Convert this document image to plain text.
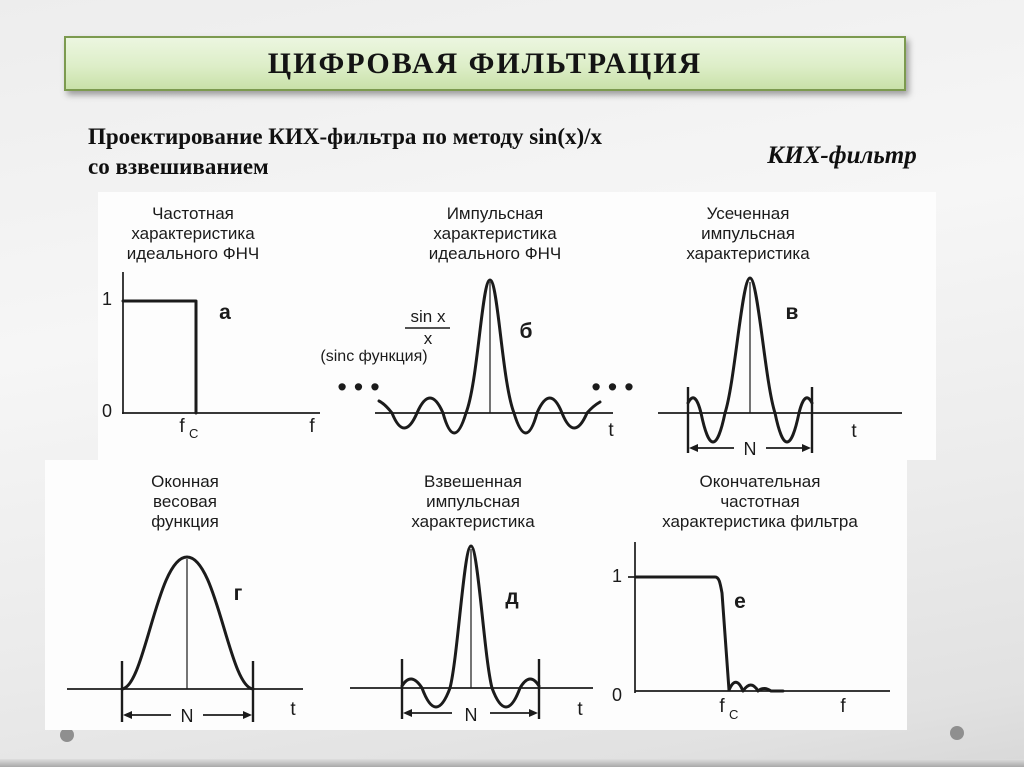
ЦИФРОВАЯ ФИЛЬТРАЦИЯ
Проектирование КИХ-фильтра по методу sin(x)/x
со взвешиванием	КИХ-фильтр
Частотная
характеристика
идеального ФНЧ
1
0
а
f C	f
Импульсная
характеристика
идеального ФНЧ
•••	•••
sin x
x
(sinc функция)
б
t
Усеченная
импульсная
характеристика
в
t
N
Оконная
весовая
функция
г
t
N
Взвешенная
импульсная
характеристика
д
t
N
Окончательная
частотная
характеристика фильтра
1
0
е
f C	f
